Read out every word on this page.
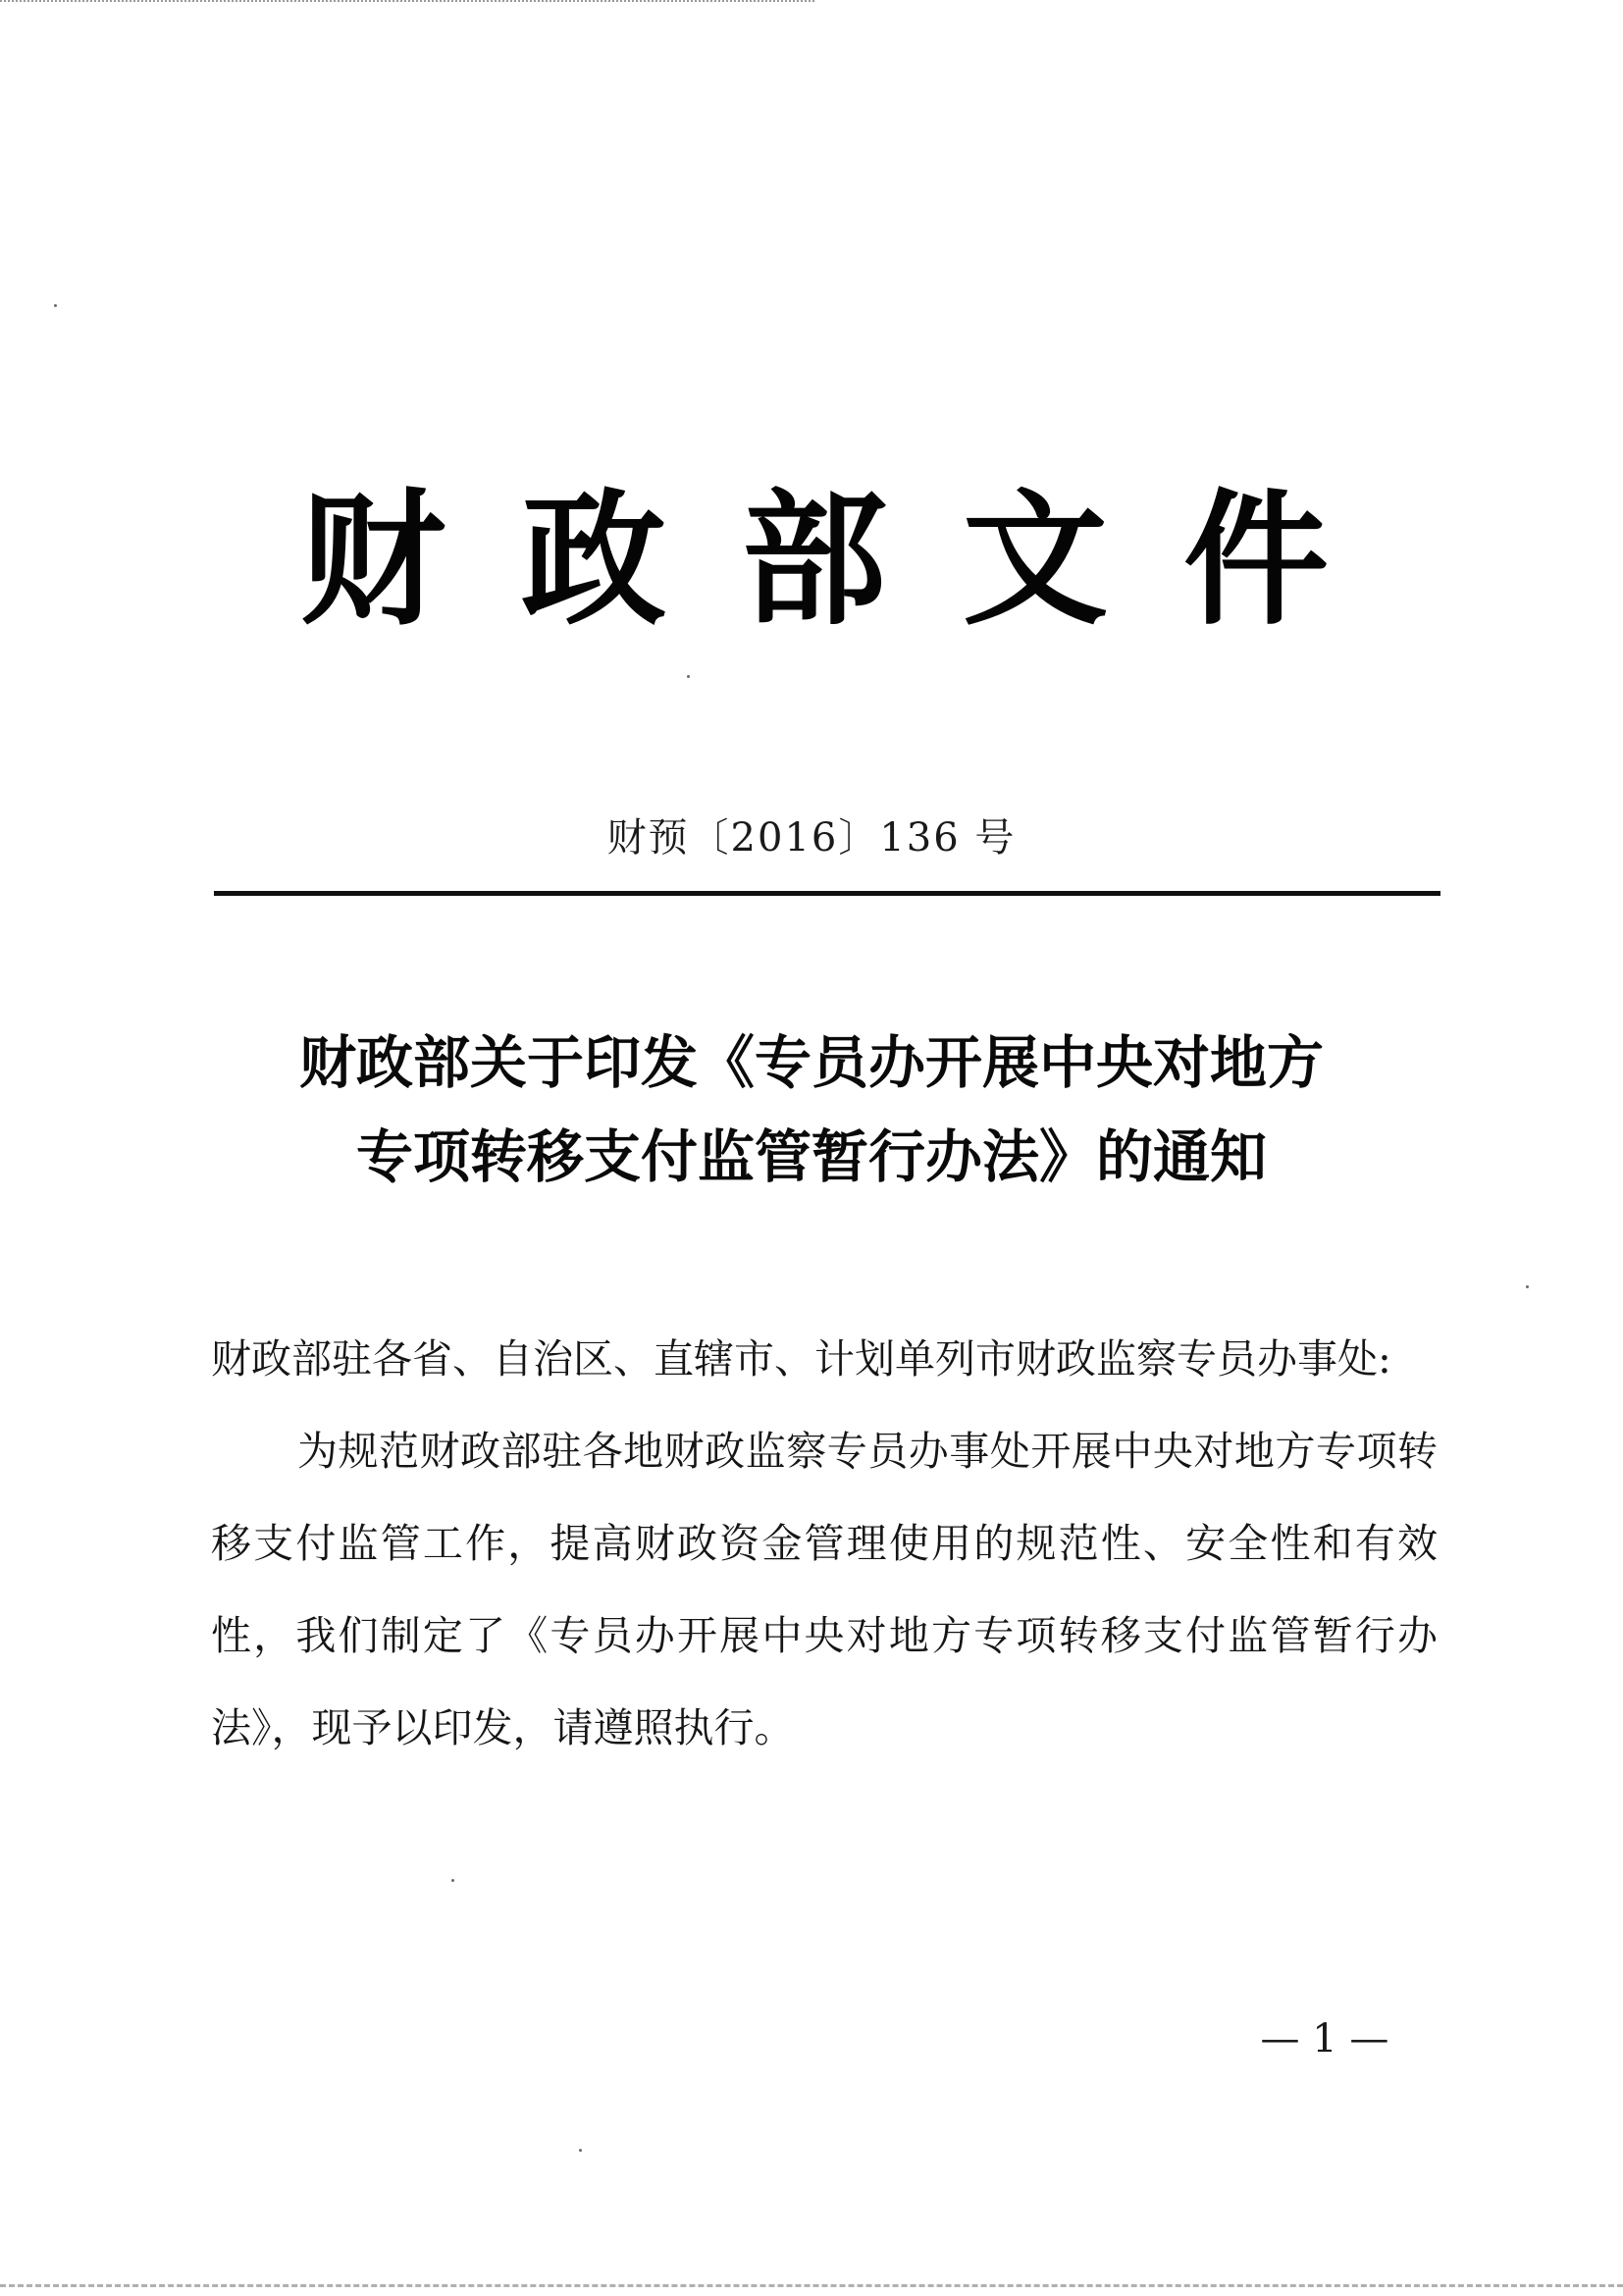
财 政 部 文 件
财预〔2016〕136 号
财政部关于印发《专员办开展中央对地方
专项转移支付监管暂行办法》的通知

财政部驻各省、自治区、直辖市、计划单列市财政监察专员办事处:

为规范财政部驻各地财政监察专员办事处开展中央对地方专项转移支付监管工作，提高财政资金管理使用的规范性、安全性和有效性，我们制定了《专员办开展中央对地方专项转移支付监管暂行办法》，现予以印发，请遵照执行。

— 1 —
